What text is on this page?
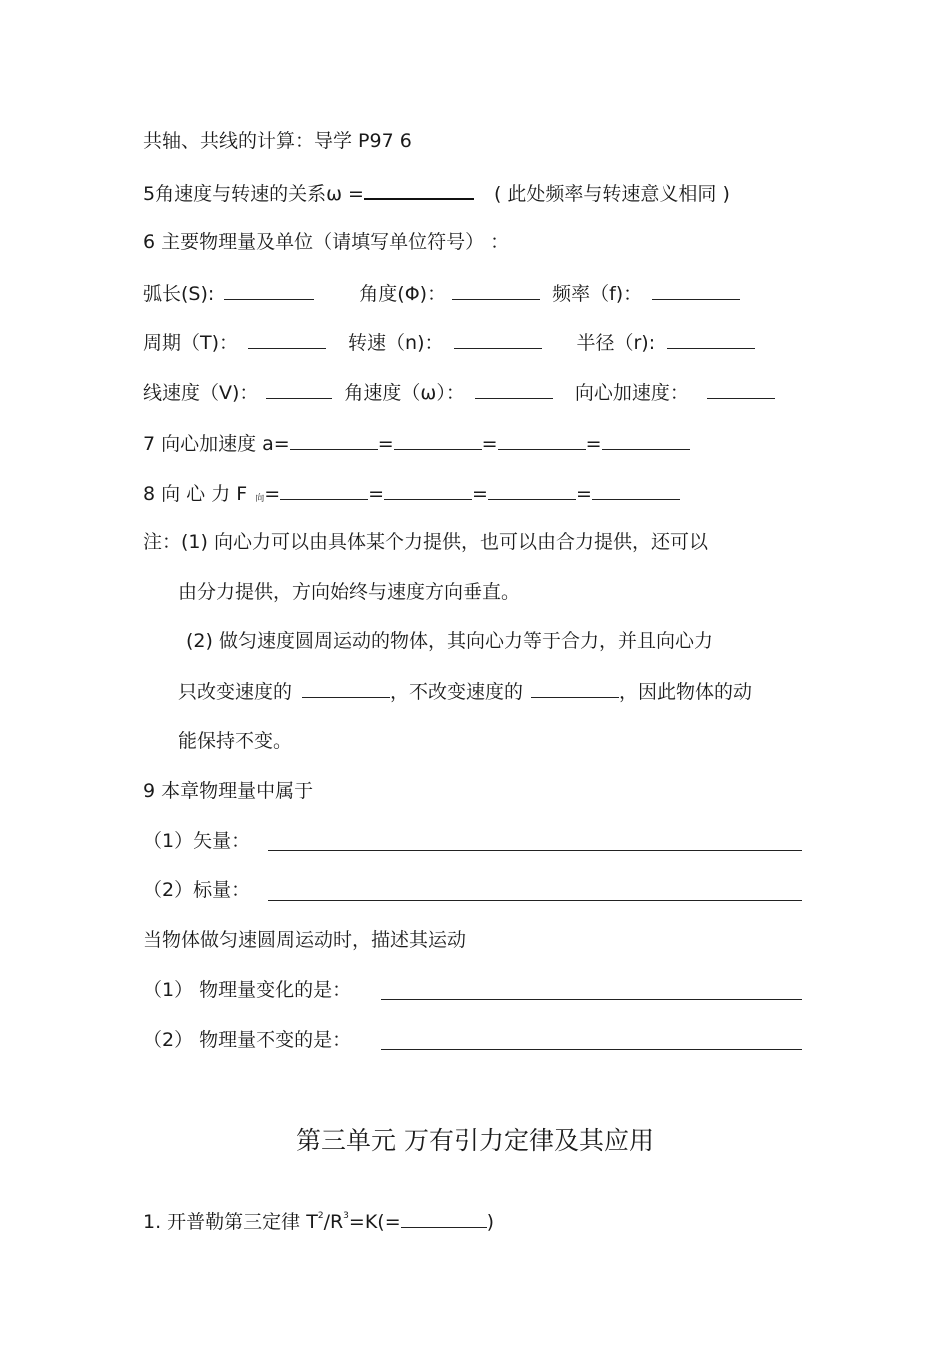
共轴、共线的计算：导学 P97 6
5角速度与转速的关系ω =	( 此处频率与转速意义相同 )
6 主要物理量及单位（请填写单位符号） ：
弧长(S):	角度(Φ)：	频率（f)：
周期（T)：	转速（n)：	半径（r):
线速度（V)：	角速度（ω）：	向心加速度：
7 向心加速度 a=	=	=	=
8 向 心 力 F 向=	=	=	=
注：(1) 向心力可以由具体某个力提供，也可以由合力提供，还可以
由分力提供，方向始终与速度方向垂直。
(2) 做匀速度圆周运动的物体，其向心力等于合力，并且向心力
只改变速度的	，不改变速度的	，因此物体的动
能保持不变。
9 本章物理量中属于
（1）矢量：
（2）标量：
当物体做匀速圆周运动时，描述其运动
（1） 物理量变化的是：
（2） 物理量不变的是：
第三单元 万有引力定律及其应用
1. 开普勒第三定律 $T^2/R^3=K(=$	)
